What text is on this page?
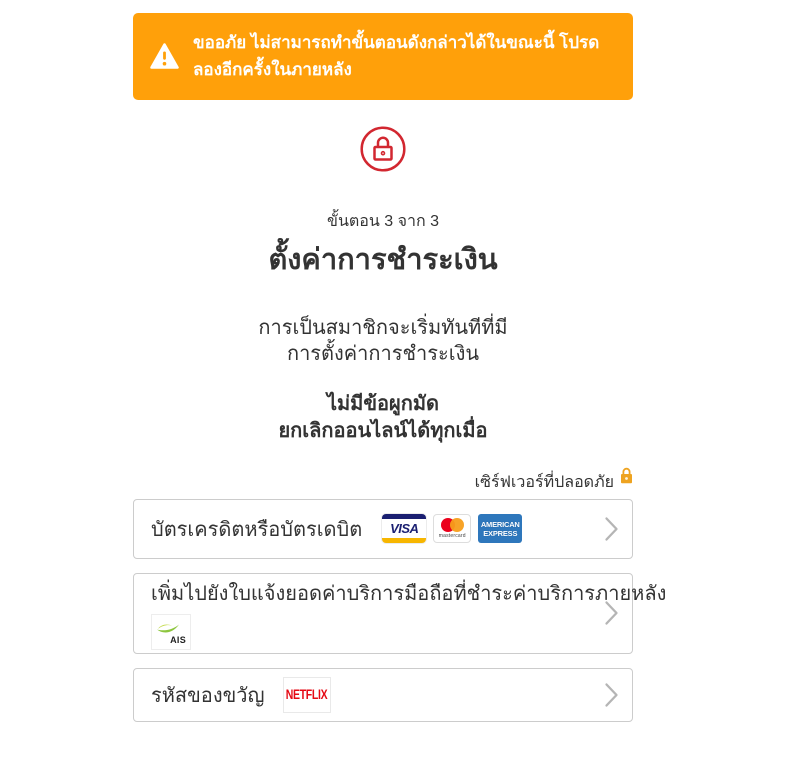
ขออภัย ไม่สามารถทำขั้นตอนดังกล่าวได้ในขณะนี้ โปรดลองอีกครั้งในภายหลัง
ขั้นตอน 3 จาก 3
ตั้งค่าการชำระเงิน
การเป็นสมาชิกจะเริ่มทันทีที่มี
การตั้งค่าการชำระเงิน
ไม่มีข้อผูกมัด
ยกเลิกออนไลน์ได้ทุกเมื่อ
เซิร์ฟเวอร์ที่ปลอดภัย
บัตรเครดิตหรือบัตรเดบิต VISA	mastercard
AMERICAN
EXPRESS
เพิ่มไปยังใบแจ้งยอดค่าบริการมือถือที่ชำระค่าบริการภายหลัง
AIS
รหัสของขวัญ NETFLIX
